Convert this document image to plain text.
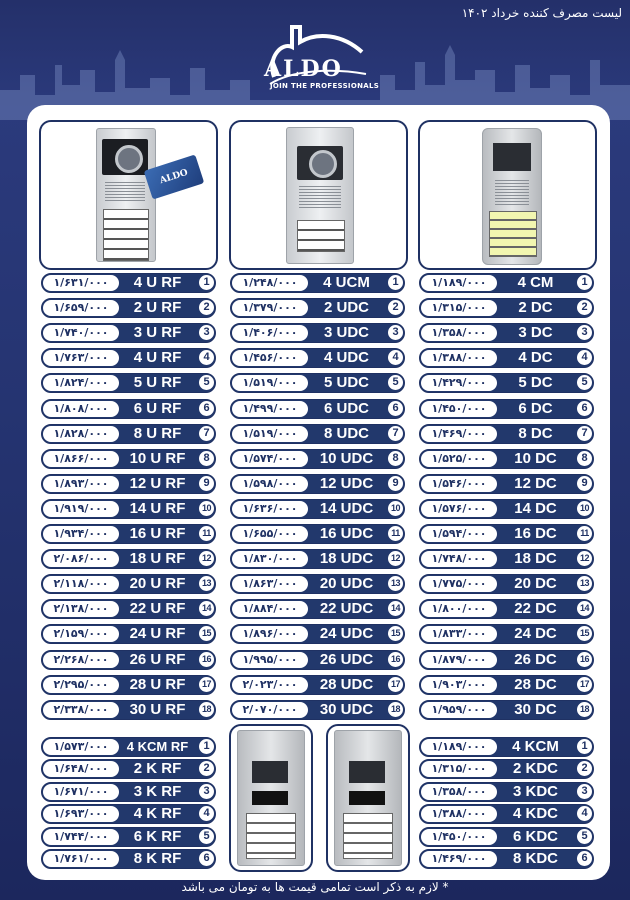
لیست مصرف کننده خرداد ۱۴۰۲
ALDO
JOIN THE PROFESSIONALS
ALDO
۱/۶۳۱/۰۰۰	4 U RF	1
۱/۶۵۹/۰۰۰	2 U RF	2
۱/۷۴۰/۰۰۰	3 U RF	3
۱/۷۶۳/۰۰۰	4 U RF	4
۱/۸۲۴/۰۰۰	5 U RF	5
۱/۸۰۸/۰۰۰	6 U RF	6
۱/۸۲۸/۰۰۰	8 U RF	7
۱/۸۶۶/۰۰۰	10 U RF	8
۱/۸۹۳/۰۰۰	12 U RF	9
۱/۹۱۹/۰۰۰	14 U RF	10
۱/۹۳۴/۰۰۰	16 U RF	11
۲/۰۸۶/۰۰۰	18 U RF	12
۲/۱۱۸/۰۰۰	20 U RF	13
۲/۱۳۸/۰۰۰	22 U RF	14
۲/۱۵۹/۰۰۰	24 U RF	15
۲/۲۶۸/۰۰۰	26 U RF	16
۲/۲۹۵/۰۰۰	28 U RF	17
۲/۳۳۸/۰۰۰	30 U RF	18
۱/۲۴۸/۰۰۰	4 UCM	1
۱/۳۷۹/۰۰۰	2 UDC	2
۱/۴۰۶/۰۰۰	3 UDC	3
۱/۴۵۶/۰۰۰	4 UDC	4
۱/۵۱۹/۰۰۰	5 UDC	5
۱/۴۹۹/۰۰۰	6 UDC	6
۱/۵۱۹/۰۰۰	8 UDC	7
۱/۵۷۴/۰۰۰	10 UDC	8
۱/۵۹۸/۰۰۰	12 UDC	9
۱/۶۳۶/۰۰۰	14 UDC	10
۱/۶۵۵/۰۰۰	16 UDC	11
۱/۸۳۰/۰۰۰	18 UDC	12
۱/۸۶۳/۰۰۰	20 UDC	13
۱/۸۸۴/۰۰۰	22 UDC	14
۱/۸۹۶/۰۰۰	24 UDC	15
۱/۹۹۵/۰۰۰	26 UDC	16
۲/۰۲۳/۰۰۰	28 UDC	17
۲/۰۷۰/۰۰۰	30 UDC	18
۱/۱۸۹/۰۰۰	4 CM	1
۱/۳۱۵/۰۰۰	2 DC	2
۱/۳۵۸/۰۰۰	3 DC	3
۱/۳۸۸/۰۰۰	4 DC	4
۱/۴۲۹/۰۰۰	5 DC	5
۱/۴۵۰/۰۰۰	6 DC	6
۱/۴۶۹/۰۰۰	8 DC	7
۱/۵۲۵/۰۰۰	10 DC	8
۱/۵۴۶/۰۰۰	12 DC	9
۱/۵۷۶/۰۰۰	14 DC	10
۱/۵۹۴/۰۰۰	16 DC	11
۱/۷۴۸/۰۰۰	18 DC	12
۱/۷۷۵/۰۰۰	20 DC	13
۱/۸۰۰/۰۰۰	22 DC	14
۱/۸۳۳/۰۰۰	24 DC	15
۱/۸۷۹/۰۰۰	26 DC	16
۱/۹۰۳/۰۰۰	28 DC	17
۱/۹۵۹/۰۰۰	30 DC	18
۱/۵۷۳/۰۰۰	4 KCM RF	1
۱/۶۴۸/۰۰۰	2 K RF	2
۱/۶۷۱/۰۰۰	3 K RF	3
۱/۶۹۳/۰۰۰	4 K RF	4
۱/۷۴۴/۰۰۰	6 K RF	5
۱/۷۶۱/۰۰۰	8 K RF	6
۱/۱۸۹/۰۰۰	4 KCM	1
۱/۳۱۵/۰۰۰	2 KDC	2
۱/۳۵۸/۰۰۰	3 KDC	3
۱/۳۸۸/۰۰۰	4 KDC	4
۱/۴۵۰/۰۰۰	6 KDC	5
۱/۴۶۹/۰۰۰	8 KDC	6
* لازم به ذکر است تمامی قیمت ها به تومان می باشد
